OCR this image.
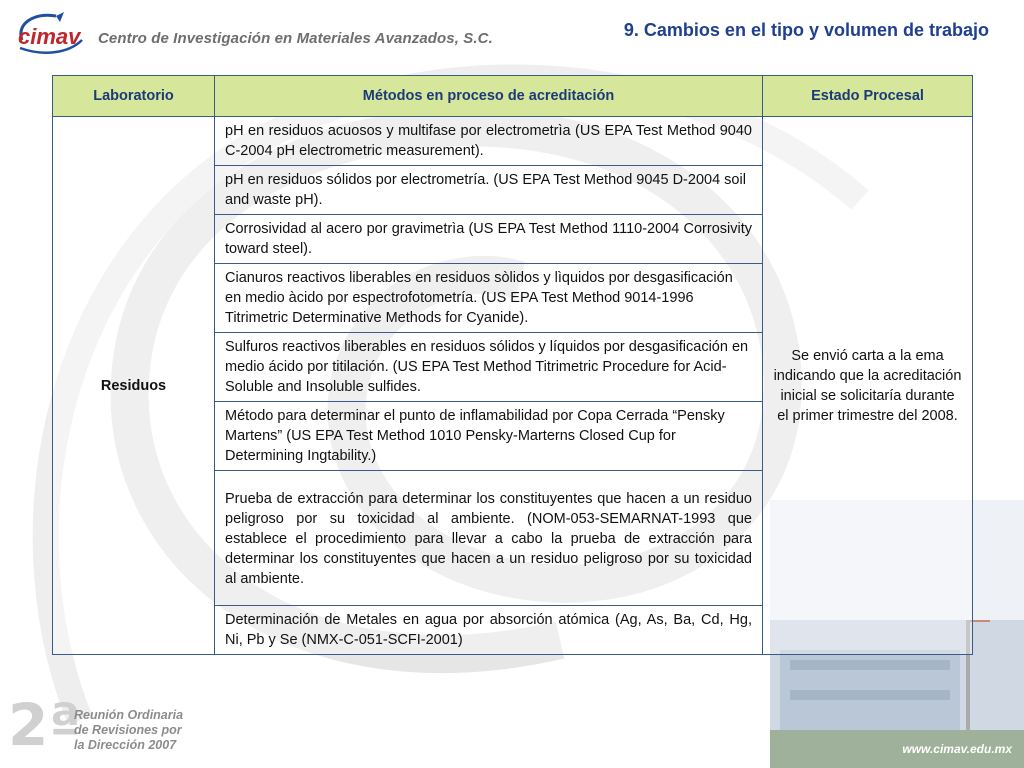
cimav Centro de Investigación en Materiales Avanzados, S.C.	9. Cambios en el tipo y volumen de trabajo
Laboratorio	Métodos en proceso de acreditación	Estado Procesal
Residuos	pH en residuos acuosos y multifase por electrometrìa (US EPA Test Method 9040 C-2004 pH electrometric measurement).	Se envió carta a la ema indicando que la acreditación inicial se solicitaría durante el primer trimestre del 2008.
	pH en residuos sólidos por electrometría. (US EPA Test Method 9045 D-2004 soil and waste pH).	
	Corrosividad al acero por gravimetrìa (US EPA Test Method 1110-2004 Corrosivity toward steel).	
	Cianuros reactivos liberables en residuos sòlidos y lìquidos por desgasificación en medio àcido por espectrofotometría. (US EPA Test Method 9014-1996 Titrimetric Determinative Methods for Cyanide).	
	Sulfuros reactivos liberables en residuos sólidos y líquidos por desgasificación en medio ácido por titilación. (US EPA Test Method Titrimetric Procedure for Acid-Soluble and Insoluble sulfides.	
	Método para determinar el punto de inflamabilidad por Copa Cerrada “Pensky Martens” (US EPA Test Method 1010 Pensky-Marterns Closed Cup for Determining Ingtability.)	
	Prueba de extracción para determinar los constituyentes que hacen a un residuo peligroso por su toxicidad al ambiente. (NOM-053-SEMARNAT-1993 que establece el procedimiento para llevar a cabo la prueba de extracción para determinar los constituyentes que hacen a un residuo peligroso por su toxicidad al ambiente.	
	Determinación de Metales en agua por absorción atómica (Ag, As, Ba, Cd, Hg, Ni, Pb y Se (NMX-C-051-SCFI-2001)	
2ª
Reunión Ordinaria
de Revisiones por
la Dirección 2007	www.cimav.edu.mx
